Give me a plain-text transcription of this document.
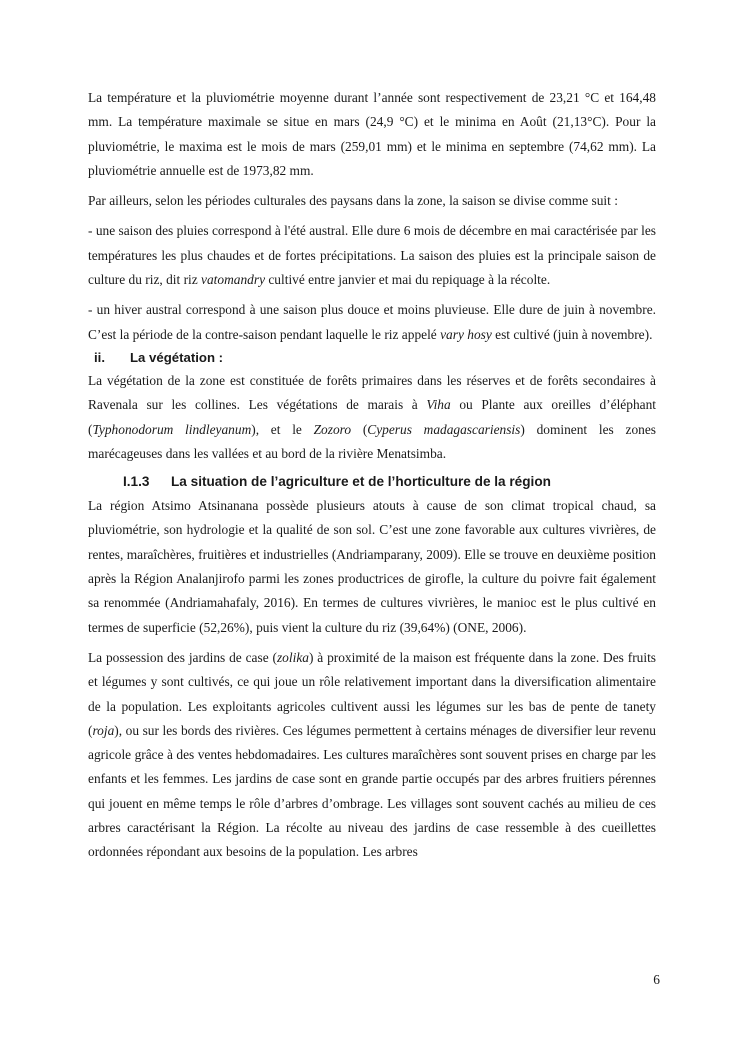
La température et la pluviométrie moyenne durant l’année sont respectivement de 23,21 °C et 164,48 mm. La température maximale se situe en mars (24,9 °C) et le minima en Août (21,13°C). Pour la pluviométrie, le maxima est le mois de mars (259,01 mm) et le minima en septembre (74,62 mm). La pluviométrie annuelle est de 1973,82 mm.

Par ailleurs, selon les périodes culturales des paysans dans la zone, la saison se divise comme suit :

- une saison des pluies correspond à l'été austral. Elle dure 6 mois de décembre en mai caractérisée par les températures les plus chaudes et de fortes précipitations. La saison des pluies est la principale saison de culture du riz, dit riz vatomandry cultivé entre janvier et mai du repiquage à la récolte.

- un hiver austral correspond à une saison plus douce et moins pluvieuse. Elle dure de juin à novembre. C’est la période de la contre-saison pendant laquelle le riz appelé vary hosy est cultivé (juin à novembre).

ii.	La végétation :

La végétation de la zone est constituée de forêts primaires dans les réserves et de forêts secondaires à Ravenala sur les collines. Les végétations de marais à Viha ou Plante aux oreilles d’éléphant (Typhonodorum lindleyanum), et le Zozoro (Cyperus madagascariensis) dominent les zones marécageuses dans les vallées et au bord de la rivière Menatsimba.

I.1.3	La situation de l’agriculture et de l’horticulture de la région

La région Atsimo Atsinanana possède plusieurs atouts à cause de son climat tropical chaud, sa pluviométrie, son hydrologie et la qualité de son sol. C’est une zone favorable aux cultures vivrières, de rentes, maraîchères, fruitières et industrielles (Andriamparany, 2009). Elle se trouve en deuxième position après la Région Analanjirofo parmi les zones productrices de girofle, la culture du poivre fait également sa renommée (Andriamahafaly, 2016). En termes de cultures vivrières, le manioc est le plus cultivé en termes de superficie (52,26%), puis vient la culture du riz (39,64%) (ONE, 2006).

La possession des jardins de case (zolika) à proximité de la maison est fréquente dans la zone. Des fruits et légumes y sont cultivés, ce qui joue un rôle relativement important dans la diversification alimentaire de la population. Les exploitants agricoles cultivent aussi les légumes sur les bas de pente de tanety (roja), ou sur les bords des rivières. Ces légumes permettent à certains ménages de diversifier leur revenu agricole grâce à des ventes hebdomadaires. Les cultures maraîchères sont souvent prises en charge par les enfants et les femmes. Les jardins de case sont en grande partie occupés par des arbres fruitiers pérennes qui jouent en même temps le rôle d’arbres d’ombrage. Les villages sont souvent cachés au milieu de ces arbres caractérisant la Région. La récolte au niveau des jardins de case ressemble à des cueillettes ordonnées répondant aux besoins de la population. Les arbres

6
